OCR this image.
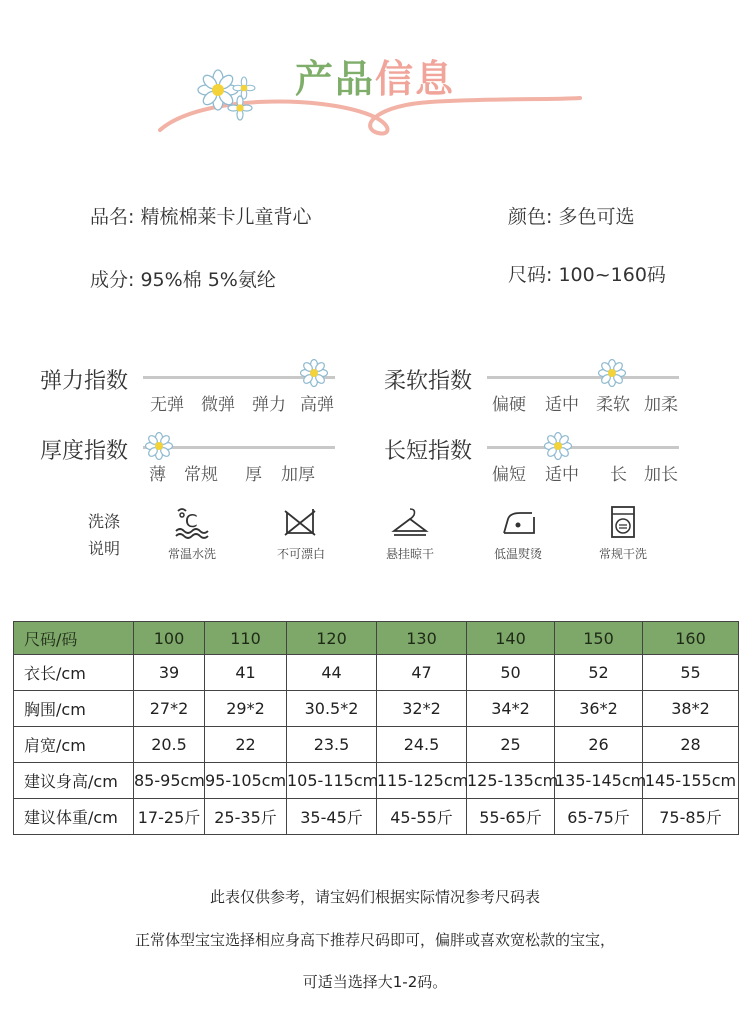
产品信息
品名: 精梳棉莱卡儿童背心	颜色: 多色可选
成分: 95%棉 5%氨纶	尺码: 100~160码
弹力指数
无弹 微弹 弹力 高弹
柔软指数
偏硬 适中 柔软 加柔
厚度指数
薄 常规 厚 加厚
长短指数
偏短 适中 长 加长
洗涤
说明
C
常温水洗	不可漂白	悬挂晾干	低温熨烫	常规干洗
尺码/码	100	110	120	130	140	150	160
衣长/cm	39	41	44	47	50	52	55
胸围/cm	27*2	29*2	30.5*2	32*2	34*2	36*2	38*2
肩宽/cm	20.5	22	23.5	24.5	25	26	28
建议身高/cm	85-95cm	95-105cm	105-115cm	115-125cm	125-135cm	135-145cm	145-155cm
建议体重/cm	17-25斤	25-35斤	35-45斤	45-55斤	55-65斤	65-75斤	75-85斤
此表仅供参考，请宝妈们根据实际情况参考尺码表
正常体型宝宝选择相应身高下推荐尺码即可，偏胖或喜欢宽松款的宝宝，
可适当选择大1-2码。
